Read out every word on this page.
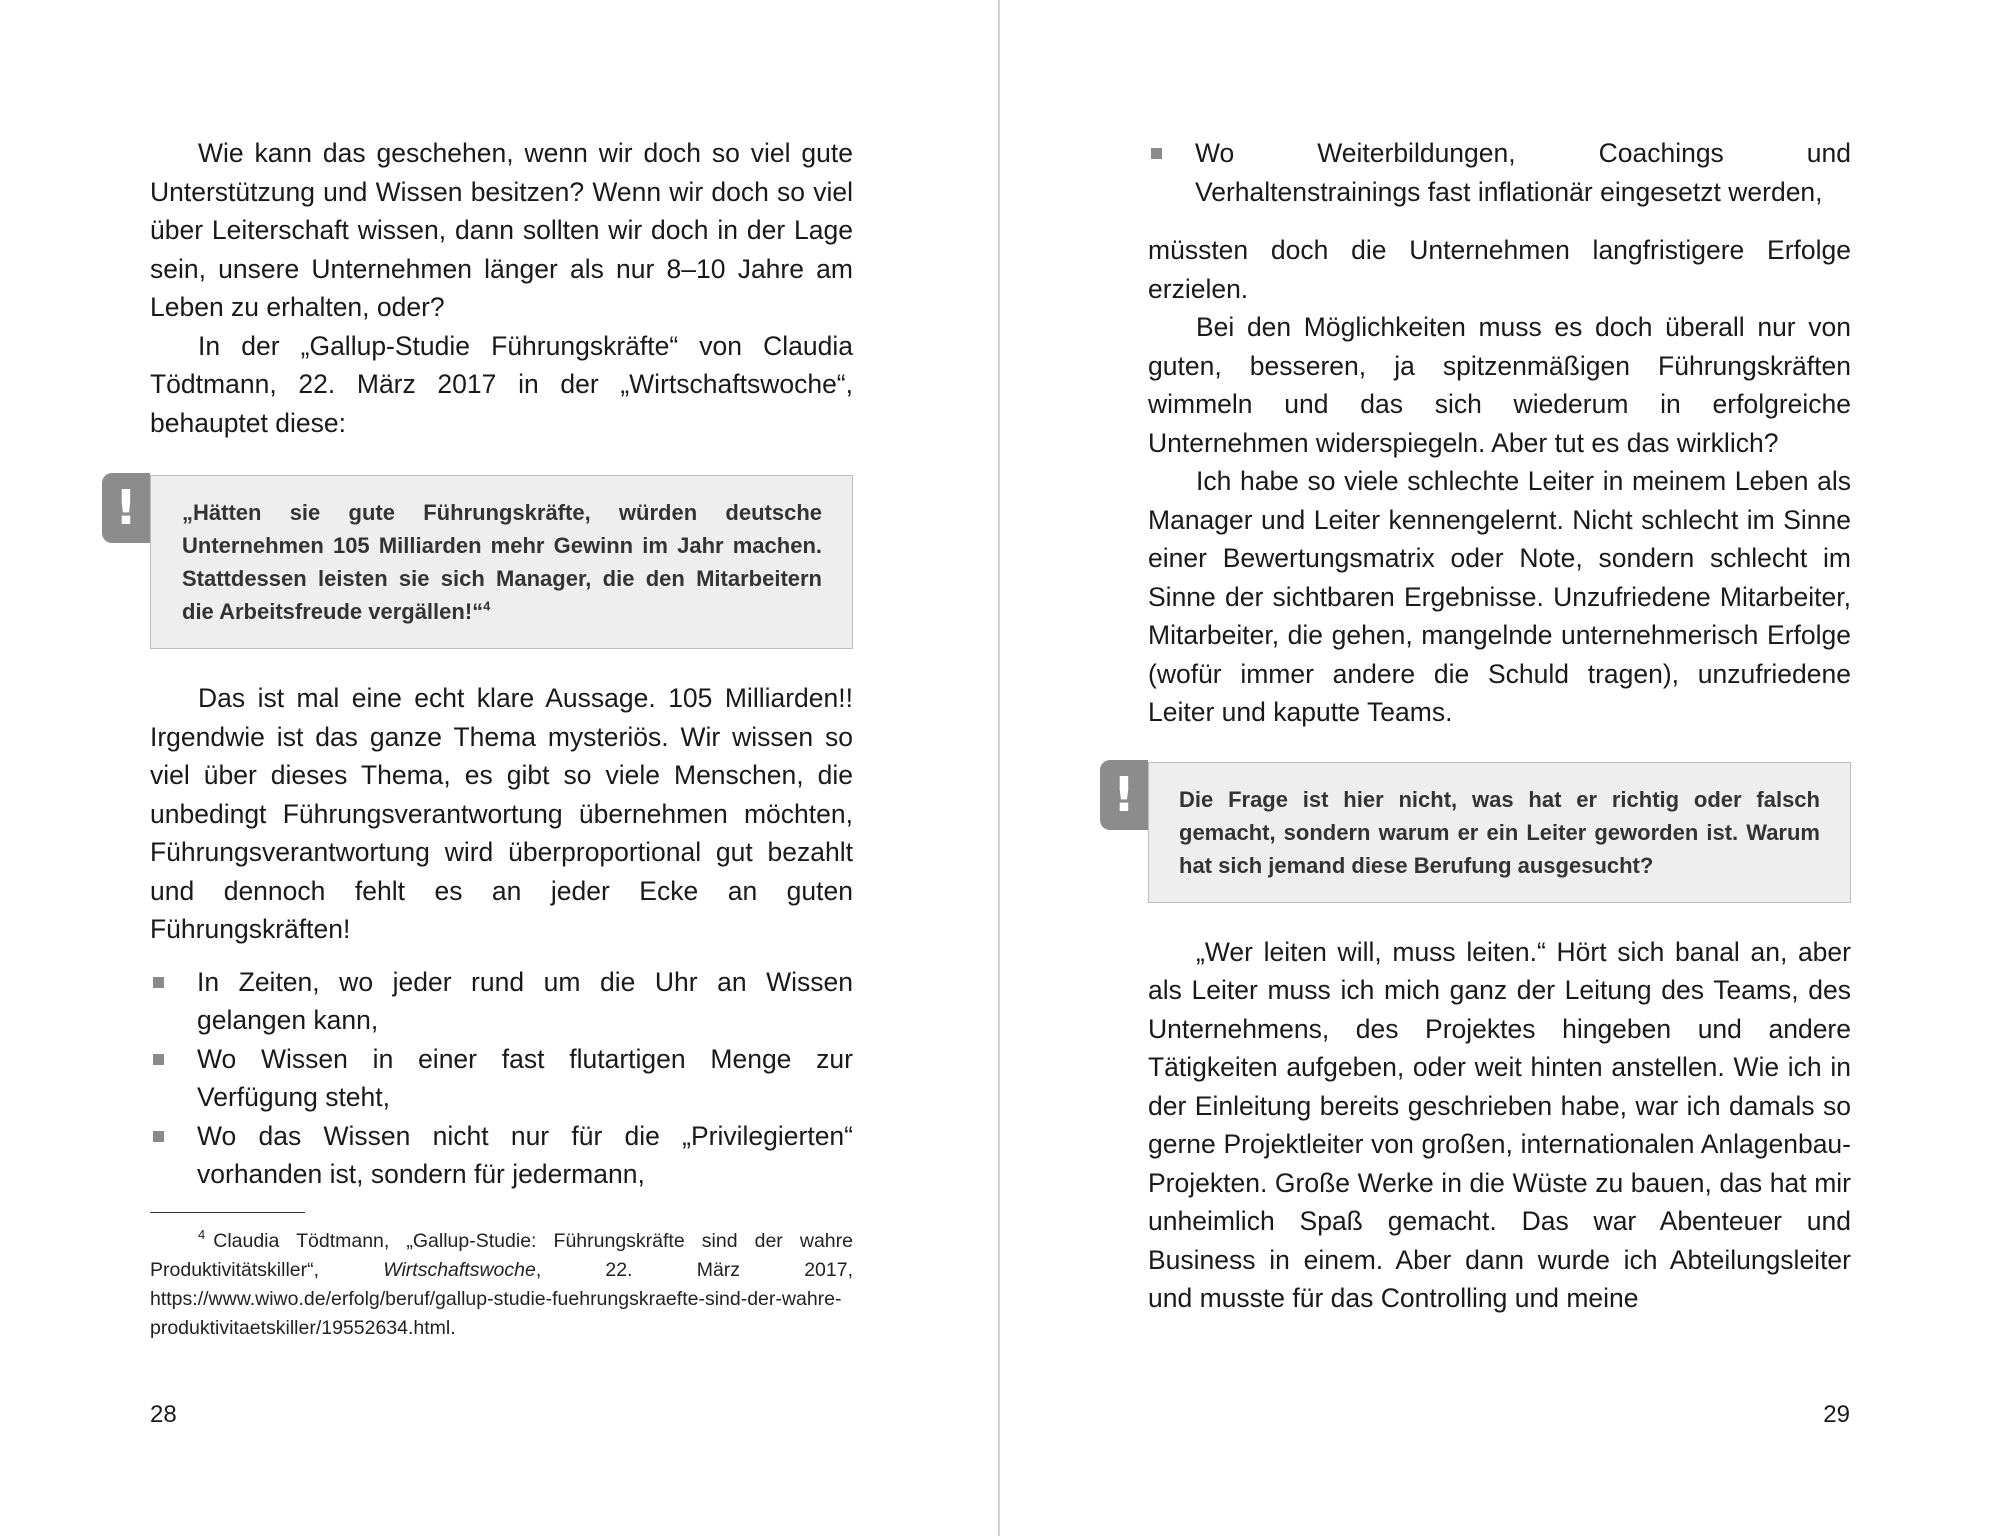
Wie kann das geschehen, wenn wir doch so viel gute Unterstützung und Wissen besitzen? Wenn wir doch so viel über Leiterschaft wissen, dann sollten wir doch in der Lage sein, unsere Unternehmen länger als nur 8–10 Jahre am Leben zu erhalten, oder?

In der „Gallup-Studie Führungskräfte“ von Claudia Tödtmann, 22. März 2017 in der „Wirtschaftswoche“, behauptet diese:

!	„Hätten sie gute Führungskräfte, würden deutsche Unternehmen 105 Milliarden mehr Gewinn im Jahr machen. Stattdessen leisten sie sich Manager, die den Mitarbeitern die Arbeitsfreude vergällen!“$^4$

Das ist mal eine echt klare Aussage. 105 Milliarden!! Irgendwie ist das ganze Thema mysteriös. Wir wissen so viel über dieses Thema, es gibt so viele Menschen, die unbedingt Führungsverantwortung übernehmen möchten, Führungsverantwortung wird überproportional gut bezahlt und dennoch fehlt es an jeder Ecke an guten Führungskräften!

In Zeiten, wo jeder rund um die Uhr an Wissen gelangen kann,
Wo Wissen in einer fast flutartigen Menge zur Verfügung steht,
Wo das Wissen nicht nur für die „Privilegierten“ vorhanden ist, sondern für jedermann,

$^4$ Claudia Tödtmann, „Gallup-Studie: Führungskräfte sind der wahre Produktivitätskiller“, Wirtschaftswoche, 22. März 2017, https://www.wiwo.de/erfolg/beruf/gallup-studie-fuehrungskraefte-sind-der-wahre-produktivitaetskiller/19552634.html.

28
Wo Weiterbildungen, Coachings und Verhaltenstrainings fast inflationär eingesetzt werden,

müssten doch die Unternehmen langfristigere Erfolge erzielen.

Bei den Möglichkeiten muss es doch überall nur von guten, besseren, ja spitzenmäßigen Führungskräften wimmeln und das sich wiederum in erfolgreiche Unternehmen widerspiegeln. Aber tut es das wirklich?

Ich habe so viele schlechte Leiter in meinem Leben als Manager und Leiter kennengelernt. Nicht schlecht im Sinne einer Bewertungsmatrix oder Note, sondern schlecht im Sinne der sichtbaren Ergebnisse. Unzufriedene Mitarbeiter, Mitarbeiter, die gehen, mangelnde unternehmerisch Erfolge (wofür immer andere die Schuld tragen), unzufriedene Leiter und kaputte Teams.

!	Die Frage ist hier nicht, was hat er richtig oder falsch gemacht, sondern warum er ein Leiter geworden ist. Warum hat sich jemand diese Berufung ausgesucht?

„Wer leiten will, muss leiten.“ Hört sich banal an, aber als Leiter muss ich mich ganz der Leitung des Teams, des Unternehmens, des Projektes hingeben und andere Tätigkeiten aufgeben, oder weit hinten anstellen. Wie ich in der Einleitung bereits geschrieben habe, war ich damals so gerne Projektleiter von großen, internationalen Anlagenbau-Projekten. Große Werke in die Wüste zu bauen, das hat mir unheimlich Spaß gemacht. Das war Abenteuer und Business in einem. Aber dann wurde ich Abteilungsleiter und musste für das Controlling und meine

29
